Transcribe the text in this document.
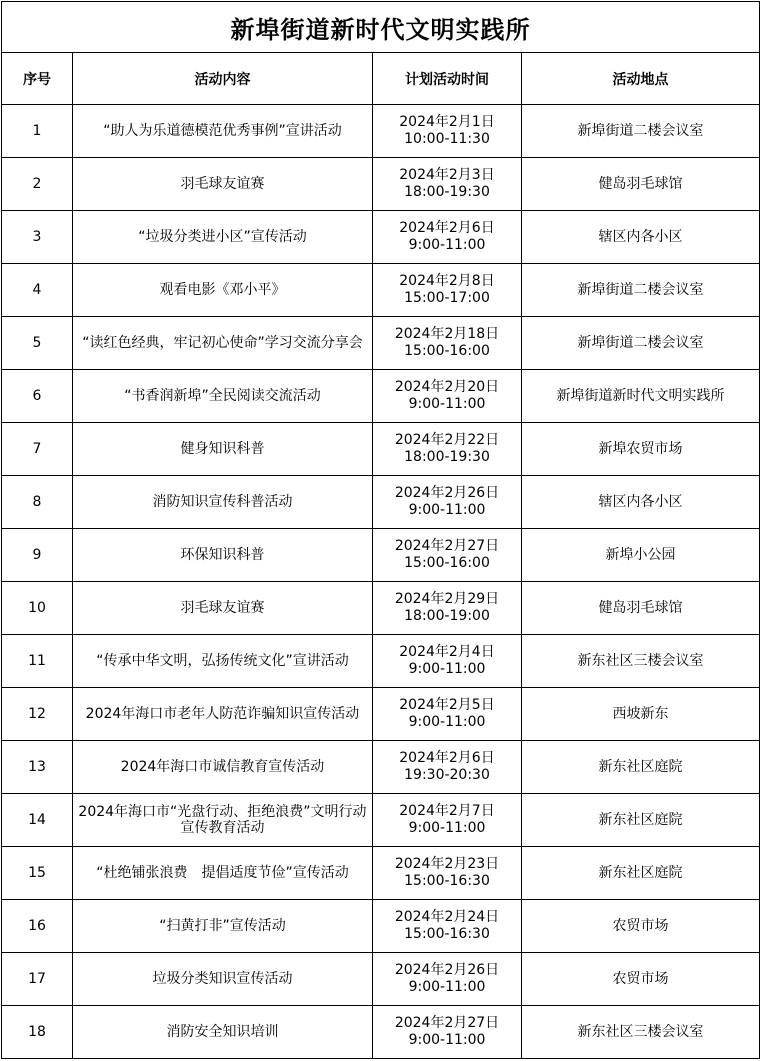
新埠街道新时代文明实践所			
序号	活动内容	计划活动时间	活动地点
1	“助人为乐道德模范优秀事例”宣讲活动	2024年2月1日
10:00-11:30	新埠街道二楼会议室
2	羽毛球友谊赛	2024年2月3日
18:00-19:30	健岛羽毛球馆
3	“垃圾分类进小区”宣传活动	2024年2月6日
9:00-11:00	辖区内各小区
4	观看电影《邓小平》	2024年2月8日
15:00-17:00	新埠街道二楼会议室
5	“读红色经典，牢记初心使命”学习交流分享会	2024年2月18日
15:00-16:00	新埠街道二楼会议室
6	“书香润新埠”全民阅读交流活动	2024年2月20日
9:00-11:00	新埠街道新时代文明实践所
7	健身知识科普	2024年2月22日
18:00-19:30	新埠农贸市场
8	消防知识宣传科普活动	2024年2月26日
9:00-11:00	辖区内各小区
9	环保知识科普	2024年2月27日
15:00-16:00	新埠小公园
10	羽毛球友谊赛	2024年2月29日
18:00-19:00	健岛羽毛球馆
11	“传承中华文明，弘扬传统文化”宣讲活动	2024年2月4日
9:00-11:00	新东社区三楼会议室
12	2024年海口市老年人防范诈骗知识宣传活动	2024年2月5日
9:00-11:00	西坡新东
13	2024年海口市诚信教育宣传活动	2024年2月6日
19:30-20:30	新东社区庭院
14	2024年海口市“光盘行动、拒绝浪费”文明行动宣传教育活动	2024年2月7日
9:00-11:00	新东社区庭院
15	“杜绝铺张浪费　提倡适度节俭”宣传活动	2024年2月23日
15:00-16:30	新东社区庭院
16	“扫黄打非”宣传活动	2024年2月24日
15:00-16:30	农贸市场
17	垃圾分类知识宣传活动	2024年2月26日
9:00-11:00	农贸市场
18	消防安全知识培训	2024年2月27日
9:00-11:00	新东社区三楼会议室
